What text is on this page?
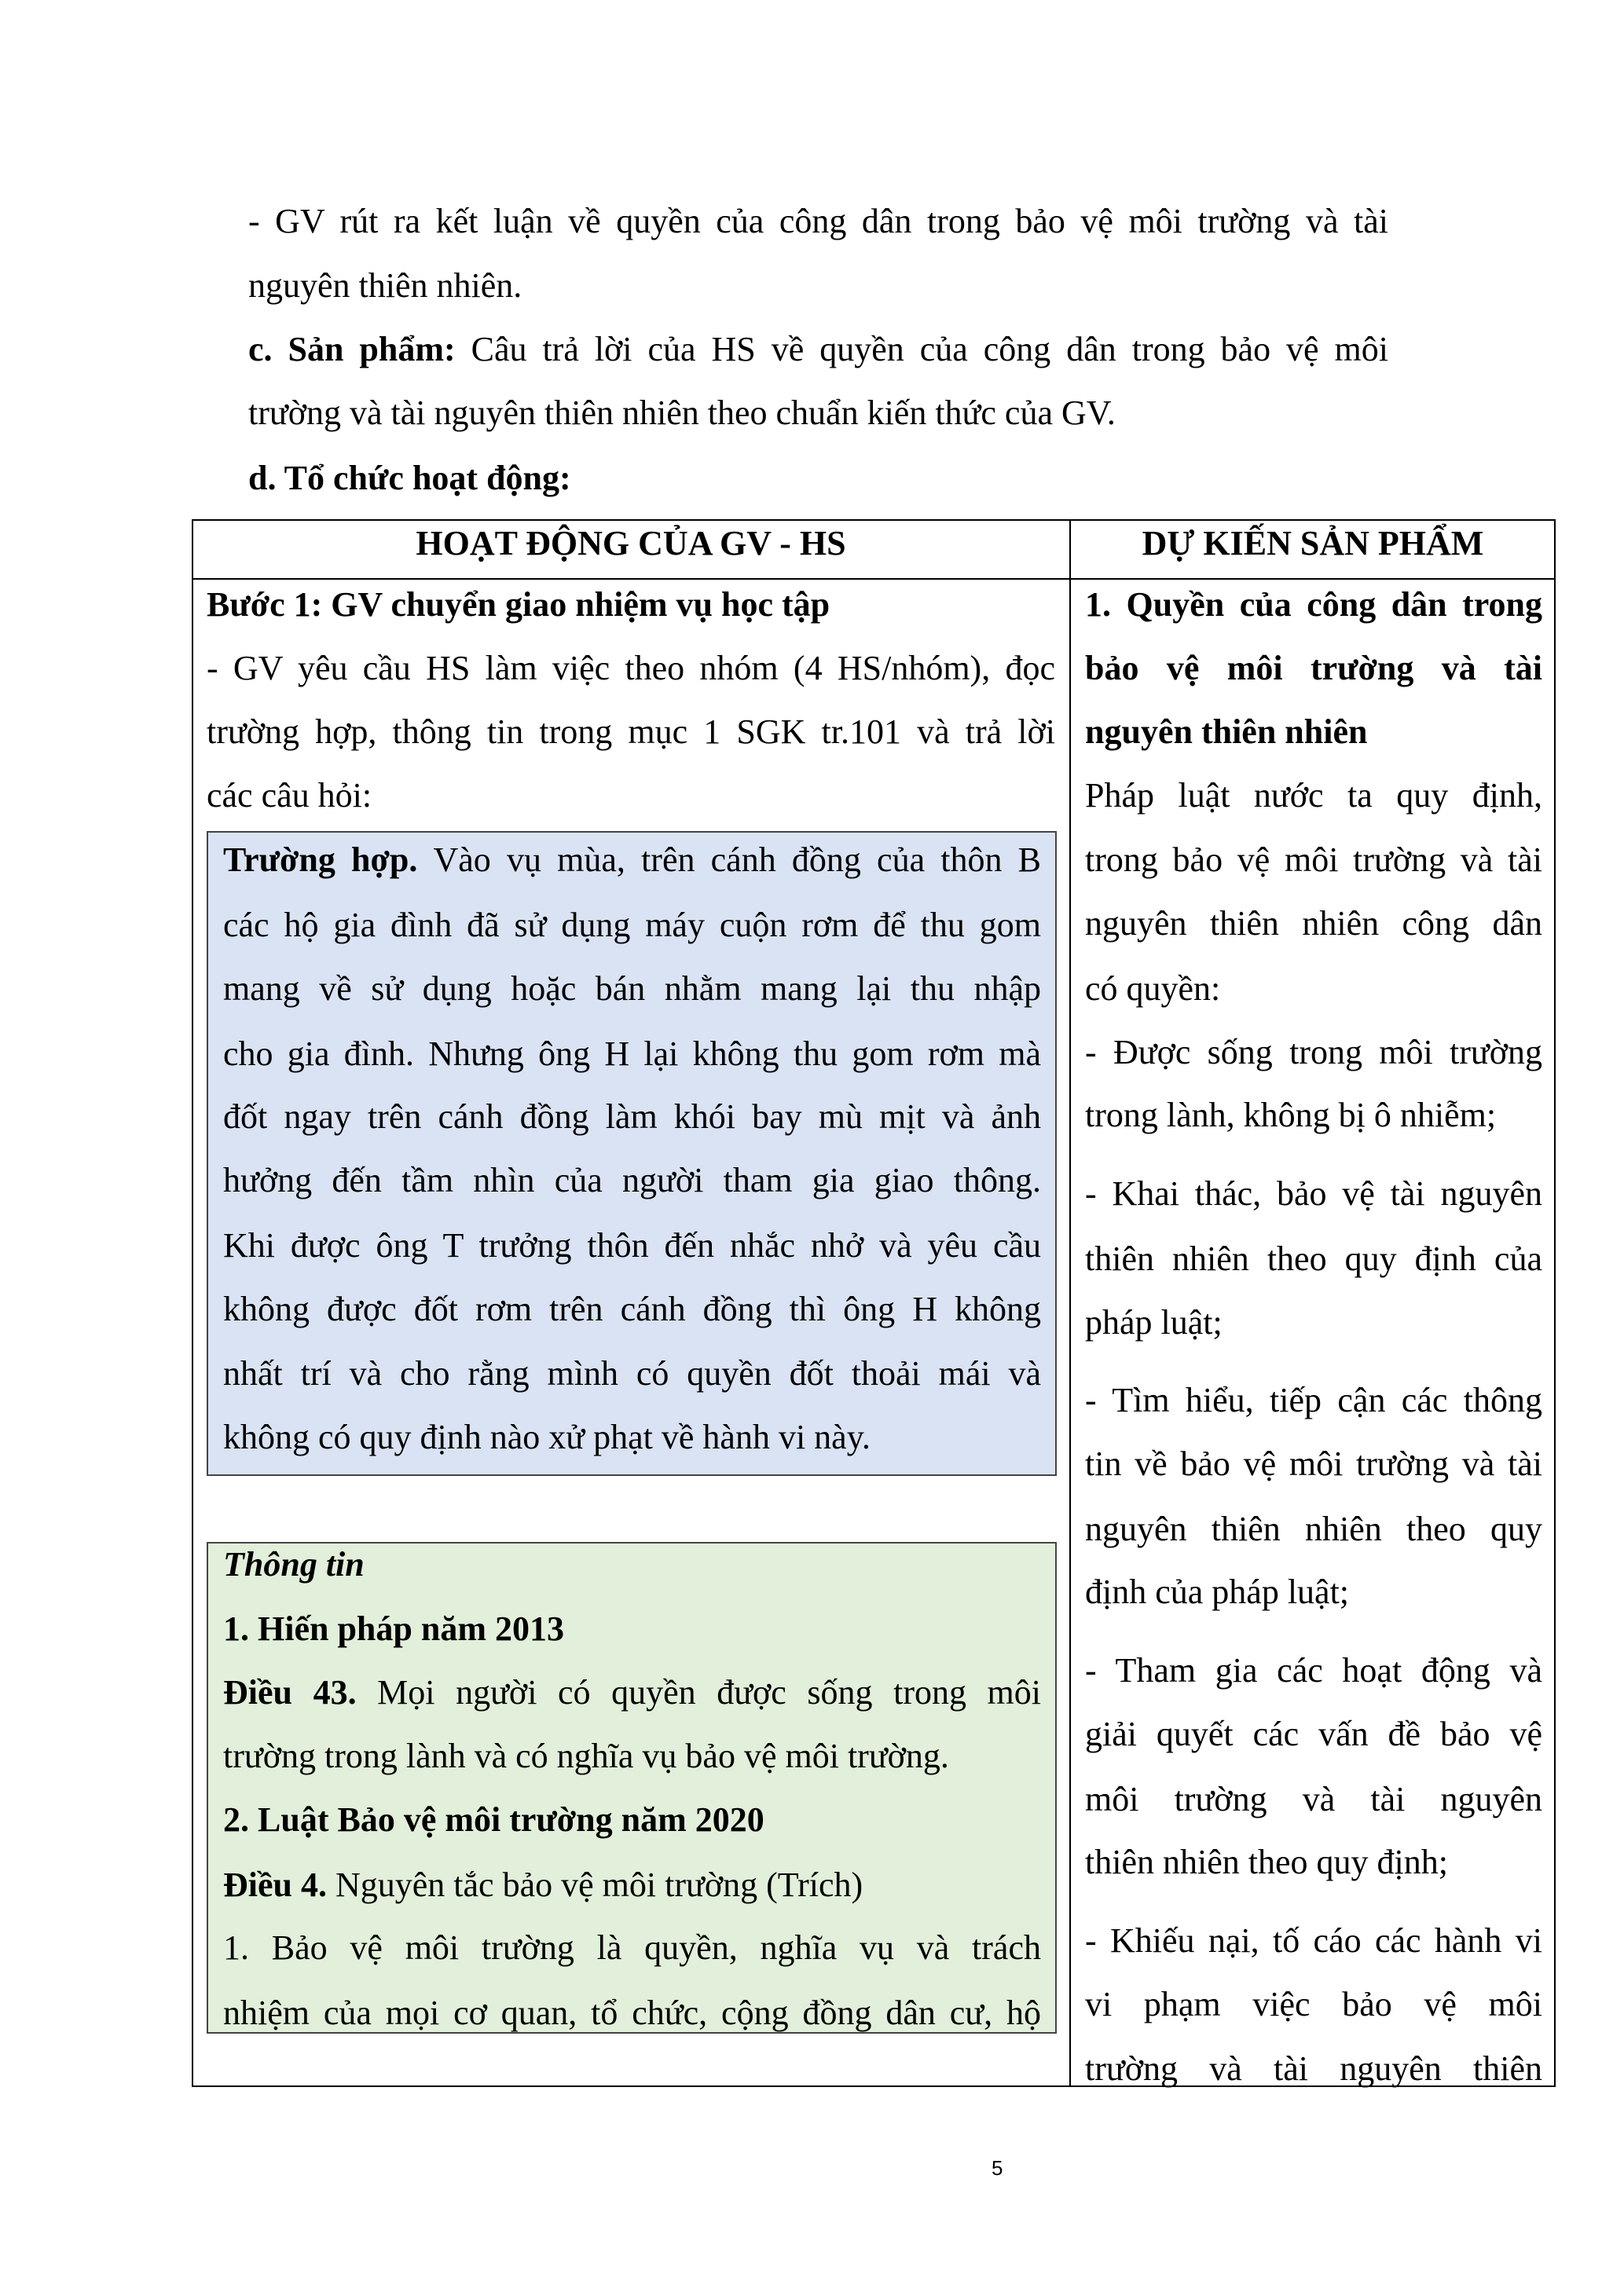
- GV rút ra kết luận về quyền của công dân trong bảo vệ môi trường và tài
nguyên thiên nhiên.
c. Sản phẩm: Câu trả lời của HS về quyền của công dân trong bảo vệ môi
trường và tài nguyên thiên nhiên theo chuẩn kiến thức của GV.
d. Tổ chức hoạt động:
HOẠT ĐỘNG CỦA GV - HS	DỰ KIẾN SẢN PHẨM
Bước 1: GV chuyển giao nhiệm vụ học tập
- GV yêu cầu HS làm việc theo nhóm (4 HS/nhóm), đọc
trường hợp, thông tin trong mục 1 SGK tr.101 và trả lời
các câu hỏi:
Trường hợp. Vào vụ mùa, trên cánh đồng của thôn B
các hộ gia đình đã sử dụng máy cuộn rơm để thu gom
mang về sử dụng hoặc bán nhằm mang lại thu nhập
cho gia đình. Nhưng ông H lại không thu gom rơm mà
đốt ngay trên cánh đồng làm khói bay mù mịt và ảnh
hưởng đến tầm nhìn của người tham gia giao thông.
Khi được ông T trưởng thôn đến nhắc nhở và yêu cầu
không được đốt rơm trên cánh đồng thì ông H không
nhất trí và cho rằng mình có quyền đốt thoải mái và
không có quy định nào xử phạt về hành vi này.
Thông tin
1. Hiến pháp năm 2013
Điều 43. Mọi người có quyền được sống trong môi
trường trong lành và có nghĩa vụ bảo vệ môi trường.
2. Luật Bảo vệ môi trường năm 2020
Điều 4. Nguyên tắc bảo vệ môi trường (Trích)
1. Bảo vệ môi trường là quyền, nghĩa vụ và trách
nhiệm của mọi cơ quan, tổ chức, cộng đồng dân cư, hộ
1. Quyền của công dân trong
bảo vệ môi trường và tài
nguyên thiên nhiên
Pháp luật nước ta quy định,
trong bảo vệ môi trường và tài
nguyên thiên nhiên công dân
có quyền:
- Được sống trong môi trường
trong lành, không bị ô nhiễm;
- Khai thác, bảo vệ tài nguyên
thiên nhiên theo quy định của
pháp luật;
- Tìm hiểu, tiếp cận các thông
tin về bảo vệ môi trường và tài
nguyên thiên nhiên theo quy
định của pháp luật;
- Tham gia các hoạt động và
giải quyết các vấn đề bảo vệ
môi trường và tài nguyên
thiên nhiên theo quy định;
- Khiếu nại, tố cáo các hành vi
vi phạm việc bảo vệ môi
trường và tài nguyên thiên
5
